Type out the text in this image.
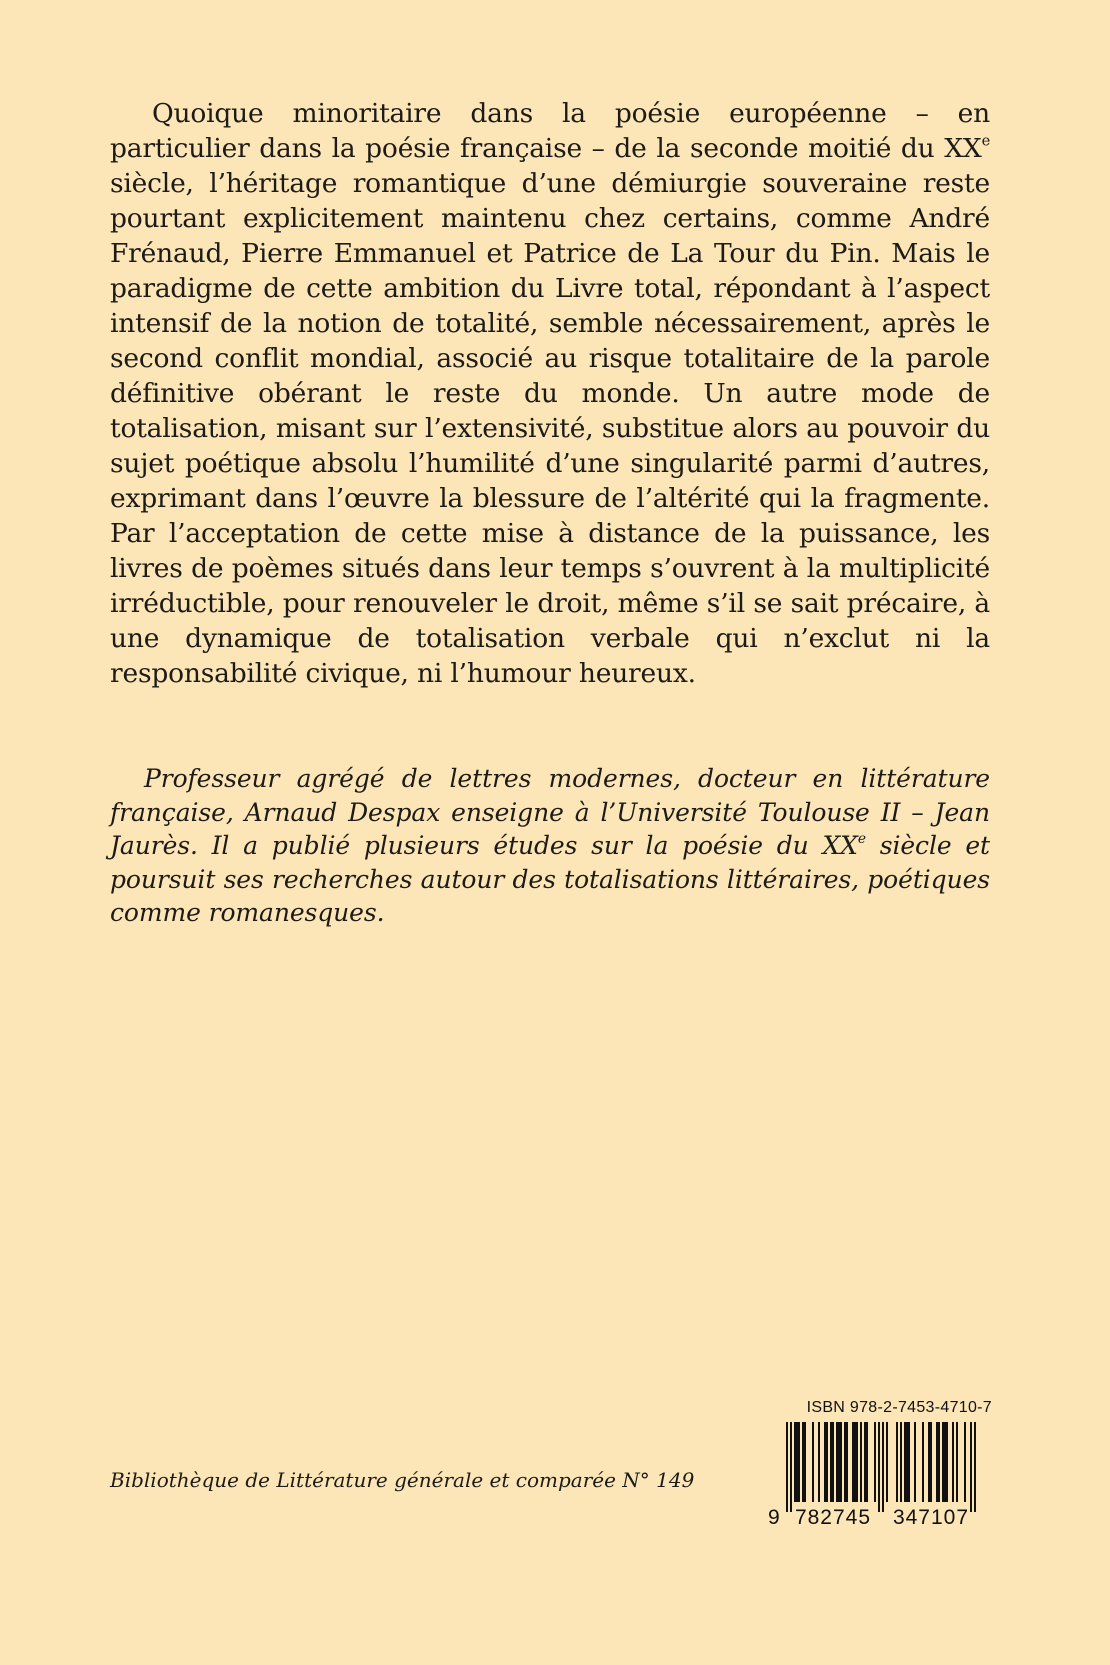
Quoique minoritaire dans la poésie européenne – en particulier dans la poésie française – de la seconde moitié du XXe siècle, l’héritage romantique d’une démiurgie souveraine reste pourtant explicitement maintenu chez certains, comme André Frénaud, Pierre Emmanuel et Patrice de La Tour du Pin. Mais le paradigme de cette ambition du Livre total, répondant à l’aspect intensif de la notion de totalité, semble nécessairement, après le second conflit mondial, associé au risque totalitaire de la parole définitive obérant le reste du monde. Un autre mode de totalisation, misant sur l’extensivité, substitue alors au pouvoir du sujet poétique absolu l’humilité d’une singularité parmi d’autres, exprimant dans l’œuvre la blessure de l’altérité qui la fragmente. Par l’acceptation de cette mise à distance de la puissance, les livres de poèmes situés dans leur temps s’ouvrent à la multiplicité irréductible, pour renouveler le droit, même s’il se sait précaire, à une dynamique de totalisation verbale qui n’exclut ni la responsabilité civique, ni l’humour heureux.

Professeur agrégé de lettres modernes, docteur en littérature française, Arnaud Despax enseigne à l’Université Toulouse II – Jean Jaurès. Il a publié plusieurs études sur la poésie du XXe siècle et poursuit ses recherches autour des totalisations littéraires, poétiques comme romanesques.

Bibliothèque de Littérature générale et comparée N° 149
ISBN 978-2-7453-4710-7
9 782745 347107
